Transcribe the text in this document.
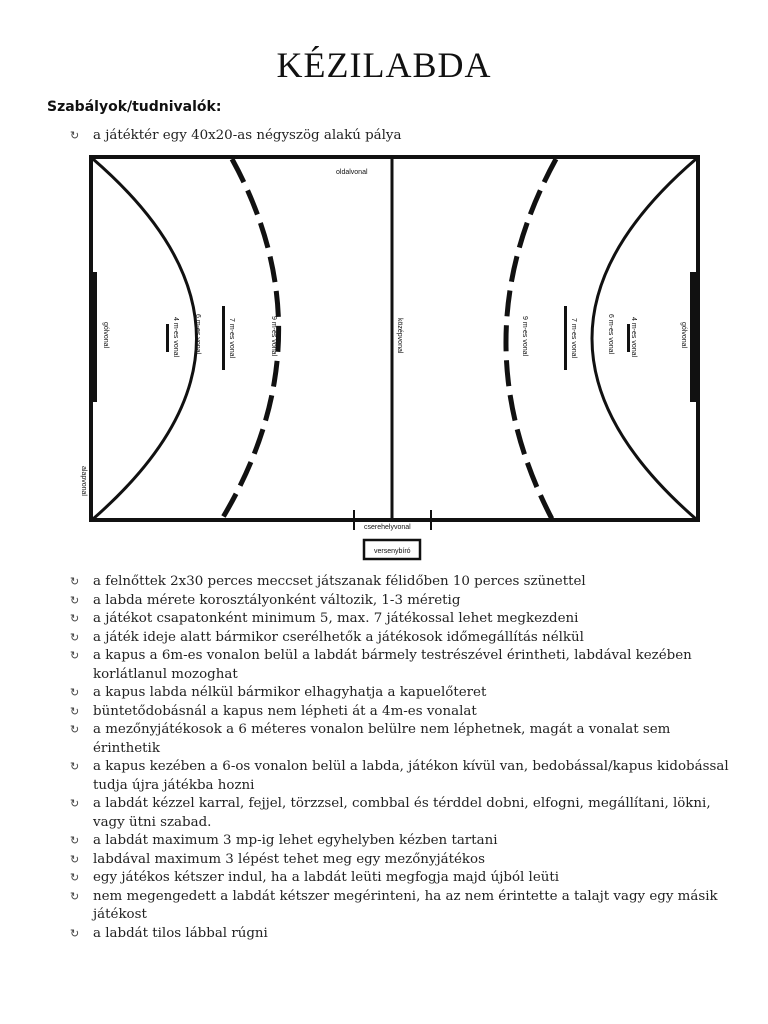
KÉZILABDA
Szabályok/tudnivalók:
↻	a játéktér egy 40x20-as négyszög alakú pálya
oldalvonal
gólvonal	gólvonal
alapvonal
középvonal
4 m-es vonal 6 m-es vonal	7 m-es vonal	9 m-es vonal	4 m-es vonal
6 m-es vonal
7 m-es vonal
9 m-es vonal
cserehelyvonal
versenybíró
↻	a felnőttek 2x30 perces meccset játszanak félidőben 10 perces szünettel
↻	a labda mérete korosztályonként változik, 1-3 méretig
↻	a játékot csapatonként minimum 5, max. 7 játékossal lehet megkezdeni
↻	a játék ideje alatt bármikor cserélhetők a játékosok időmegállítás nélkül
↻	a kapus a 6m-es vonalon belül a labdát bármely testrészével érintheti, labdával kezében korlátlanul mozoghat
↻	a kapus labda nélkül bármikor elhagyhatja a kapuelőteret
↻	büntetődobásnál a kapus nem lépheti át a 4m-es vonalat
↻	a mezőnyjátékosok a 6 méteres vonalon belülre nem léphetnek, magát a vonalat sem érinthetik
↻	a kapus kezében a 6-os vonalon belül a labda, játékon kívül van, bedobással/kapus kidobással tudja újra játékba hozni
↻	a labdát kézzel karral, fejjel, törzzsel, combbal és térddel dobni, elfogni, megállítani, lökni, vagy ütni szabad.
↻	a labdát maximum 3 mp-ig lehet egyhelyben kézben tartani
↻	labdával maximum 3 lépést tehet meg egy mezőnyjátékos
↻	egy játékos kétszer indul, ha a labdát leüti megfogja majd újból leüti
↻	nem megengedett a labdát kétszer megérinteni, ha az nem érintette a talajt vagy egy másik játékost
↻	a labdát tilos lábbal rúgni
